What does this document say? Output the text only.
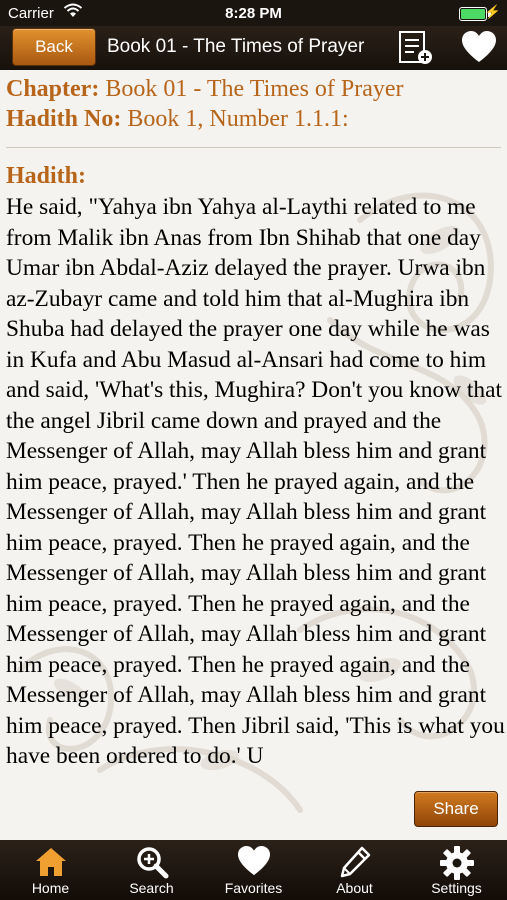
Carrier	8:28 PM	⚡
Back	Book 01 - The Times of Prayer
Chapter: Book 01 - The Times of Prayer
Hadith No: Book 1, Number 1.1.1:
Hadith:
He said, "Yahya ibn Yahya al-Laythi related to me from Malik ibn Anas from Ibn Shihab that one day Umar ibn Abdal-Aziz delayed the prayer. Urwa ibn az-Zubayr came and told him that al-Mughira ibn Shuba had delayed the prayer one day while he was in Kufa and Abu Masud al-Ansari had come to him and said, 'What's this, Mughira? Don't you know that the angel Jibril came down and prayed and the Messenger of Allah, may Allah bless him and grant him peace, prayed.' Then he prayed again, and the Messenger of Allah, may Allah bless him and grant him peace, prayed. Then he prayed again, and the Messenger of Allah, may Allah bless him and grant him peace, prayed. Then he prayed again, and the Messenger of Allah, may Allah bless him and grant him peace, prayed. Then he prayed again, and the Messenger of Allah, may Allah bless him and grant him peace, prayed. Then Jibril said, 'This is what you have been ordered to do.' U
Share
Home	Search	Favorites	About	Settings
